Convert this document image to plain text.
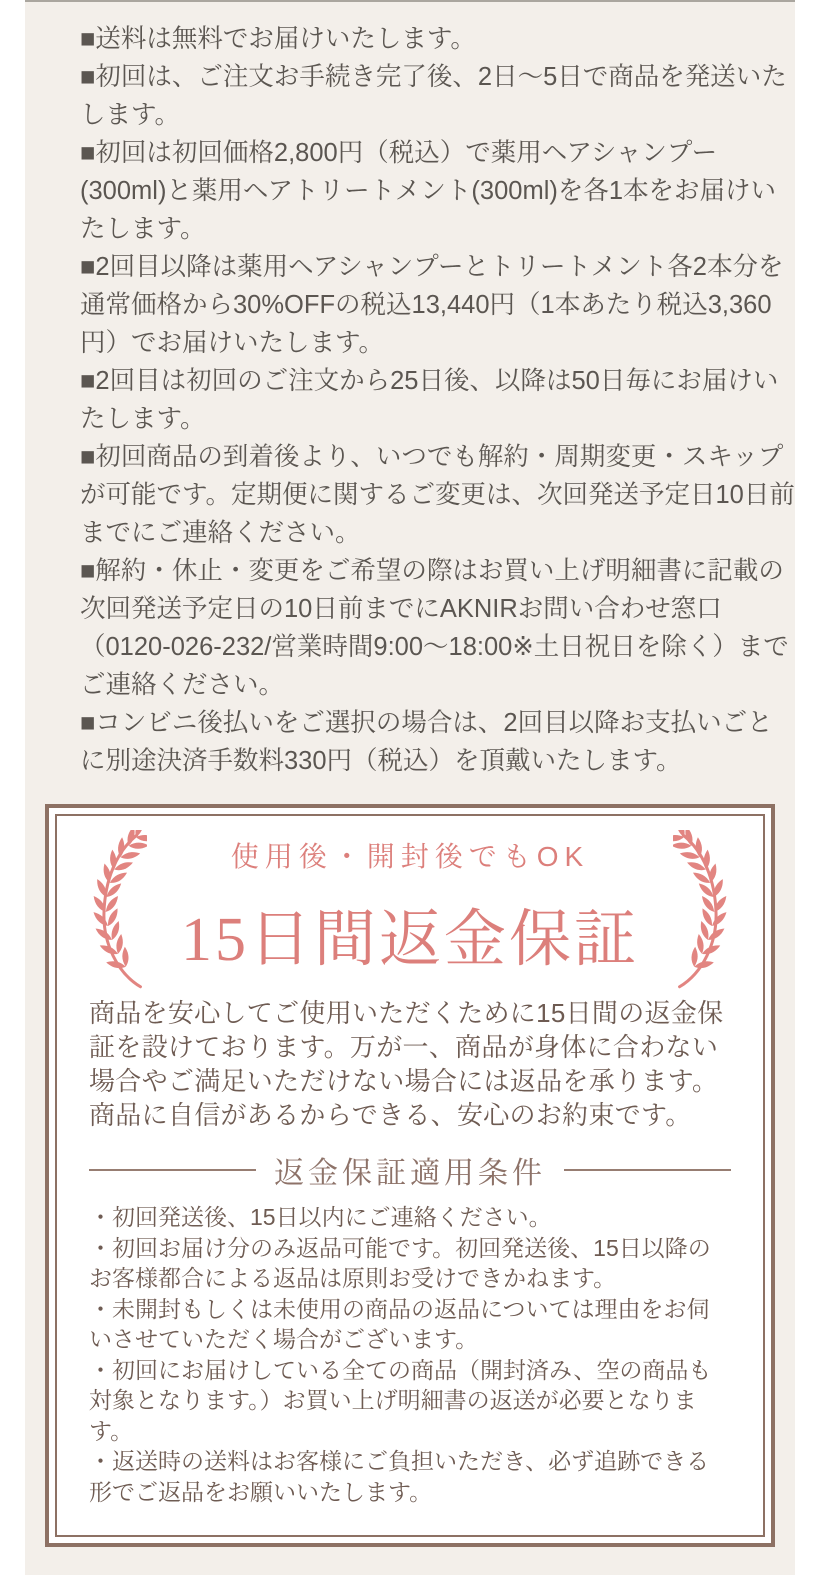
■送料は無料でお届けいたします。

■初回は、ご注文お手続き完了後、2日〜5日で商品を発送いたします。

■初回は初回価格2,800円（税込）で薬用ヘアシャンプー(300ml)と薬用ヘアトリートメント(300ml)を各1本をお届けいたします。

■2回目以降は薬用ヘアシャンプーとトリートメント各2本分を通常価格から30%OFFの税込13,440円（1本あたり税込3,360円）でお届けいたします。

■2回目は初回のご注文から25日後、以降は50日毎にお届けいたします。

■初回商品の到着後より、いつでも解約・周期変更・スキップが可能です。定期便に関するご変更は、次回発送予定日10日前までにご連絡ください。

■解約・休止・変更をご希望の際はお買い上げ明細書に記載の次回発送予定日の10日前までにAKNIRお問い合わせ窓口（0120-026-232/営業時間9:00〜18:00※土日祝日を除く）までご連絡ください。

■コンビニ後払いをご選択の場合は、2回目以降お支払いごとに別途決済手数料330円（税込）を頂戴いたします。

使用後・開封後でもOK
15日間返金保証

商品を安心してご使用いただくために15日間の返金保証を設けております。万が一、商品が身体に合わない場合やご満足いただけない場合には返品を承ります。

商品に自信があるからできる、安心のお約束です。

返金保証適用条件

・初回発送後、15日以内にご連絡ください。

・初回お届け分のみ返品可能です。初回発送後、15日以降のお客様都合による返品は原則お受けできかねます。

・未開封もしくは未使用の商品の返品については理由をお伺いさせていただく場合がございます。

・初回にお届けしている全ての商品（開封済み、空の商品も対象となります。）お買い上げ明細書の返送が必要となります。

・返送時の送料はお客様にご負担いただき、必ず追跡できる形でご返品をお願いいたします。
